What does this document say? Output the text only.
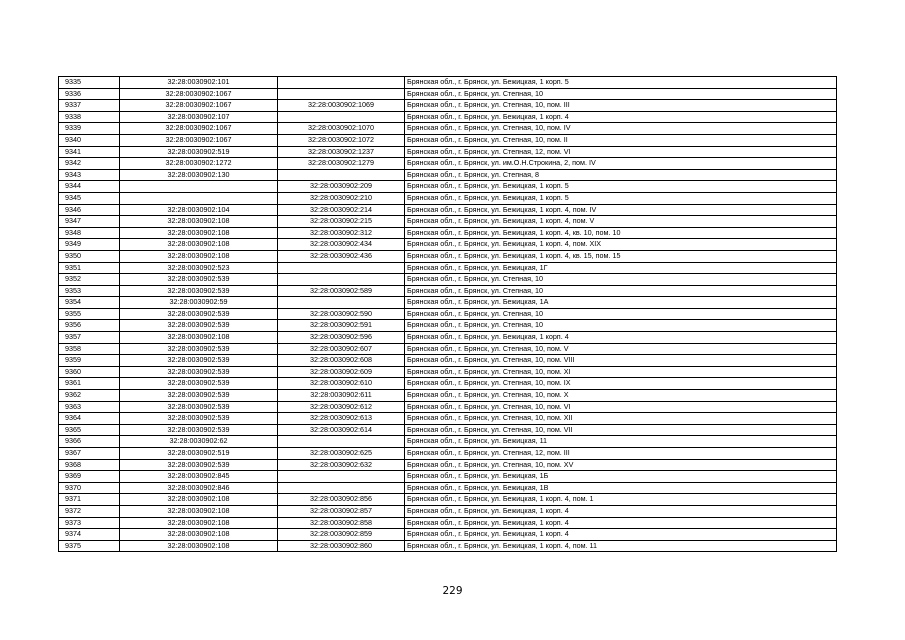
9335	32:28:0030902:101		Брянская обл., г. Брянск, ул. Бежицкая, 1 корп. 5
9336	32:28:0030902:1067		Брянская обл., г. Брянск, ул. Степная, 10
9337	32:28:0030902:1067	32:28:0030902:1069	Брянская обл., г. Брянск, ул. Степная, 10, пом. III
9338	32:28:0030902:107		Брянская обл., г. Брянск, ул. Бежицкая, 1 корп. 4
9339	32:28:0030902:1067	32:28:0030902:1070	Брянская обл., г. Брянск, ул. Степная, 10, пом. IV
9340	32:28:0030902:1067	32:28:0030902:1072	Брянская обл., г. Брянск, ул. Степная, 10, пом. II
9341	32:28:0030902:519	32:28:0030902:1237	Брянская обл., г. Брянск, ул. Степная, 12, пом. VI
9342	32:28:0030902:1272	32:28:0030902:1279	Брянская обл., г. Брянск, ул. им.О.Н.Строкина, 2, пом. IV
9343	32:28:0030902:130		Брянская обл., г. Брянск, ул. Степная, 8
9344		32:28:0030902:209	Брянская обл., г. Брянск, ул. Бежицкая, 1 корп. 5
9345		32:28:0030902:210	Брянская обл., г. Брянск, ул. Бежицкая, 1 корп. 5
9346	32:28:0030902:104	32:28:0030902:214	Брянская обл., г. Брянск, ул. Бежицкая, 1 корп. 4, пом. IV
9347	32:28:0030902:108	32:28:0030902:215	Брянская обл., г. Брянск, ул. Бежицкая, 1 корп. 4, пом. V
9348	32:28:0030902:108	32:28:0030902:312	Брянская обл., г. Брянск, ул. Бежицкая, 1 корп. 4, кв. 10, пом. 10
9349	32:28:0030902:108	32:28:0030902:434	Брянская обл., г. Брянск, ул. Бежицкая, 1 корп. 4, пом. XIX
9350	32:28:0030902:108	32:28:0030902:436	Брянская обл., г. Брянск, ул. Бежицкая, 1 корп. 4, кв. 15, пом. 15
9351	32:28:0030902:523		Брянская обл., г. Брянск, ул. Бежицкая, 1Г
9352	32:28:0030902:539		Брянская обл., г. Брянск, ул. Степная, 10
9353	32:28:0030902:539	32:28:0030902:589	Брянская обл., г. Брянск, ул. Степная, 10
9354	32:28:0030902:59		Брянская обл., г. Брянск, ул. Бежицкая, 1А
9355	32:28:0030902:539	32:28:0030902:590	Брянская обл., г. Брянск, ул. Степная, 10
9356	32:28:0030902:539	32:28:0030902:591	Брянская обл., г. Брянск, ул. Степная, 10
9357	32:28:0030902:108	32:28:0030902:596	Брянская обл., г. Брянск, ул. Бежицкая, 1 корп. 4
9358	32:28:0030902:539	32:28:0030902:607	Брянская обл., г. Брянск, ул. Степная, 10, пом. V
9359	32:28:0030902:539	32:28:0030902:608	Брянская обл., г. Брянск, ул. Степная, 10, пом. VIII
9360	32:28:0030902:539	32:28:0030902:609	Брянская обл., г. Брянск, ул. Степная, 10, пом. XI
9361	32:28:0030902:539	32:28:0030902:610	Брянская обл., г. Брянск, ул. Степная, 10, пом. IX
9362	32:28:0030902:539	32:28:0030902:611	Брянская обл., г. Брянск, ул. Степная, 10, пом. X
9363	32:28:0030902:539	32:28:0030902:612	Брянская обл., г. Брянск, ул. Степная, 10, пом. VI
9364	32:28:0030902:539	32:28:0030902:613	Брянская обл., г. Брянск, ул. Степная, 10, пом. XII
9365	32:28:0030902:539	32:28:0030902:614	Брянская обл., г. Брянск, ул. Степная, 10, пом. VII
9366	32:28:0030902:62		Брянская обл., г. Брянск, ул. Бежицкая, 11
9367	32:28:0030902:519	32:28:0030902:625	Брянская обл., г. Брянск, ул. Степная, 12, пом. III
9368	32:28:0030902:539	32:28:0030902:632	Брянская обл., г. Брянск, ул. Степная, 10, пом. XV
9369	32:28:0030902:845		Брянская обл., г. Брянск, ул. Бежицкая, 1Б
9370	32:28:0030902:846		Брянская обл., г. Брянск, ул. Бежицкая, 1В
9371	32:28:0030902:108	32:28:0030902:856	Брянская обл., г. Брянск, ул. Бежицкая, 1 корп. 4, пом. 1
9372	32:28:0030902:108	32:28:0030902:857	Брянская обл., г. Брянск, ул. Бежицкая, 1 корп. 4
9373	32:28:0030902:108	32:28:0030902:858	Брянская обл., г. Брянск, ул. Бежицкая, 1 корп. 4
9374	32:28:0030902:108	32:28:0030902:859	Брянская обл., г. Брянск, ул. Бежицкая, 1 корп. 4
9375	32:28:0030902:108	32:28:0030902:860	Брянская обл., г. Брянск, ул. Бежицкая, 1 корп. 4, пом. 11
229
